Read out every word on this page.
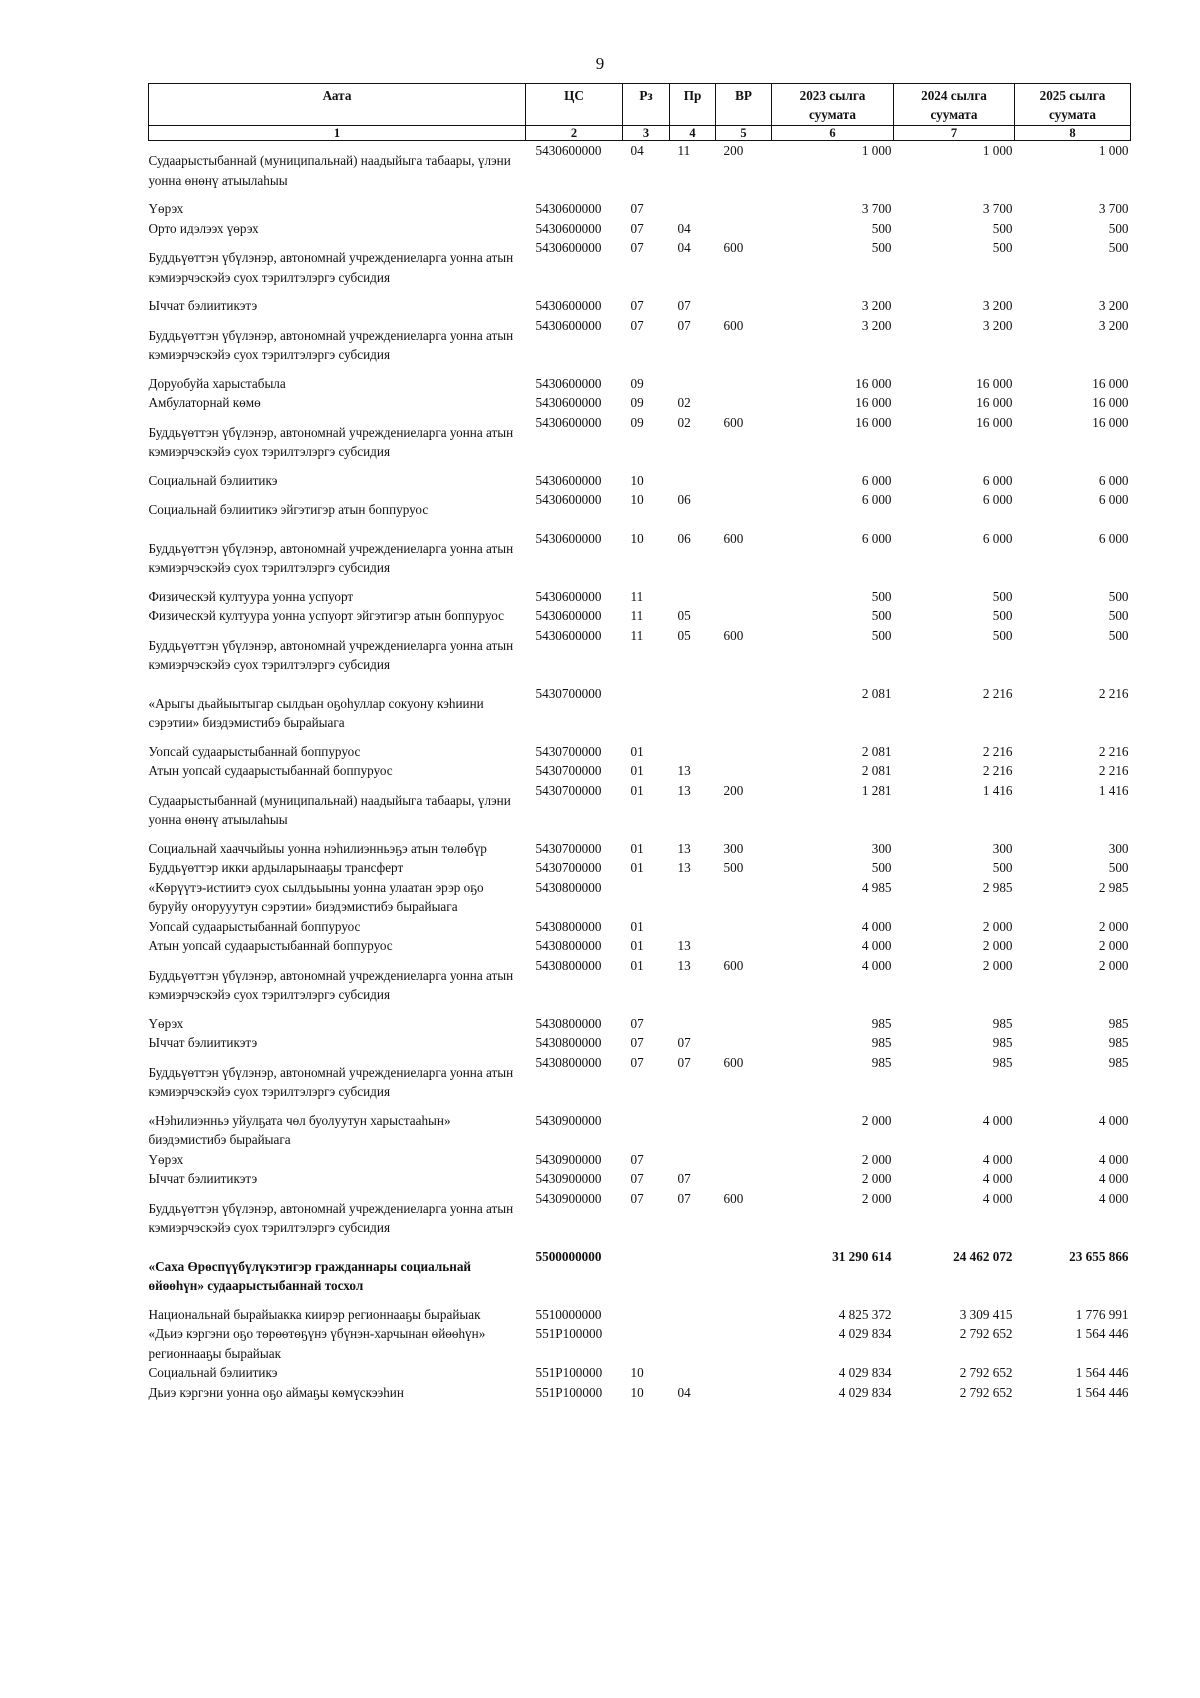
9
Аата	ЦС	Рз	Пр	ВР	2023 сылга суумата	2024 сылга суумата	2025 сылга суумата
1	2	3	4	5	6	7	8
Судаарыстыбаннай (муниципальнай) наадыйыга табаары, үлэни уонна өнөнү атыылаһыы	5430600000	04	11	200	1 000	1 000	1 000
Үөрэх	5430600000	07			3 700	3 700	3 700
Орто идэлээх үөрэх	5430600000	07	04		500	500	500
Буддьүөттэн үбүлэнэр, автономнай учреждениеларга уонна атын кэмиэрчэскэйэ суох тэрилтэлэргэ субсидия	5430600000	07	04	600	500	500	500
Ыччат бэлиитикэтэ	5430600000	07	07		3 200	3 200	3 200
Буддьүөттэн үбүлэнэр, автономнай учреждениеларга уонна атын кэмиэрчэскэйэ суох тэрилтэлэргэ субсидия	5430600000	07	07	600	3 200	3 200	3 200
Доруобуйа харыстабыла	5430600000	09			16 000	16 000	16 000
Амбулаторнай көмө	5430600000	09	02		16 000	16 000	16 000
Буддьүөттэн үбүлэнэр, автономнай учреждениеларга уонна атын кэмиэрчэскэйэ суох тэрилтэлэргэ субсидия	5430600000	09	02	600	16 000	16 000	16 000
Социальнай бэлиитикэ	5430600000	10			6 000	6 000	6 000
Социальнай бэлиитикэ эйгэтигэр атын боппуруос	5430600000	10	06		6 000	6 000	6 000
Буддьүөттэн үбүлэнэр, автономнай учреждениеларга уонна атын кэмиэрчэскэйэ суох тэрилтэлэргэ субсидия	5430600000	10	06	600	6 000	6 000	6 000
Физическэй култуура уонна успуорт	5430600000	11			500	500	500
Физическэй култуура уонна успуорт эйгэтигэр атын боппуруос	5430600000	11	05		500	500	500
Буддьүөттэн үбүлэнэр, автономнай учреждениеларга уонна атын кэмиэрчэскэйэ суох тэрилтэлэргэ субсидия	5430600000	11	05	600	500	500	500
«Арыгы дьайыытыгар сылдьан оҕоһуллар сокуону кэһиини сэрэтии» биэдэмистибэ бырайыага	5430700000				2 081	2 216	2 216
Уопсай судаарыстыбаннай боппуруос	5430700000	01			2 081	2 216	2 216
Атын уопсай судаарыстыбаннай боппуруос	5430700000	01	13		2 081	2 216	2 216
Судаарыстыбаннай (муниципальнай) наадыйыга табаары, үлэни уонна өнөнү атыылаһыы	5430700000	01	13	200	1 281	1 416	1 416
Социальнай хааччыйыы уонна нэһилиэнньэҕэ атын төлөбүр	5430700000	01	13	300	300	300	300
Буддьүөттэр икки ардыларынааҕы трансферт	5430700000	01	13	500	500	500	500
«Көрүүтэ-истиитэ суох сылдьыыны уонна улаатан эрэр оҕо буруйу оҥорууутун сэрэтии» биэдэмистибэ бырайыага	5430800000				4 985	2 985	2 985
Уопсай судаарыстыбаннай боппуруос	5430800000	01			4 000	2 000	2 000
Атын уопсай судаарыстыбаннай боппуруос	5430800000	01	13		4 000	2 000	2 000
Буддьүөттэн үбүлэнэр, автономнай учреждениеларга уонна атын кэмиэрчэскэйэ суох тэрилтэлэргэ субсидия	5430800000	01	13	600	4 000	2 000	2 000
Үөрэх	5430800000	07			985	985	985
Ыччат бэлиитикэтэ	5430800000	07	07		985	985	985
Буддьүөттэн үбүлэнэр, автономнай учреждениеларга уонна атын кэмиэрчэскэйэ суох тэрилтэлэргэ субсидия	5430800000	07	07	600	985	985	985
«Нэһилиэнньэ уйулҕата чөл буолуутун харыстааһын» биэдэмистибэ бырайыага	5430900000				2 000	4 000	4 000
Үөрэх	5430900000	07			2 000	4 000	4 000
Ыччат бэлиитикэтэ	5430900000	07	07		2 000	4 000	4 000
Буддьүөттэн үбүлэнэр, автономнай учреждениеларга уонна атын кэмиэрчэскэйэ суох тэрилтэлэргэ субсидия	5430900000	07	07	600	2 000	4 000	4 000
«Саха Өрөспүүбүлүкэтигэр гражданнары социальнай өйөөһүн» судаарыстыбаннай тосхол	5500000000				31 290 614	24 462 072	23 655 866
Национальнай бырайыакка киирэр регионнааҕы бырайыак	5510000000				4 825 372	3 309 415	1 776 991
«Дьиэ кэргэни оҕо төрөөтөҕүнэ үбүнэн-харчынан өйөөһүн» регионнааҕы бырайыак	551P100000				4 029 834	2 792 652	1 564 446
Социальнай бэлиитикэ	551P100000	10			4 029 834	2 792 652	1 564 446
Дьиэ кэргэни уонна оҕо аймаҕы көмүскээһин	551P100000	10	04		4 029 834	2 792 652	1 564 446
